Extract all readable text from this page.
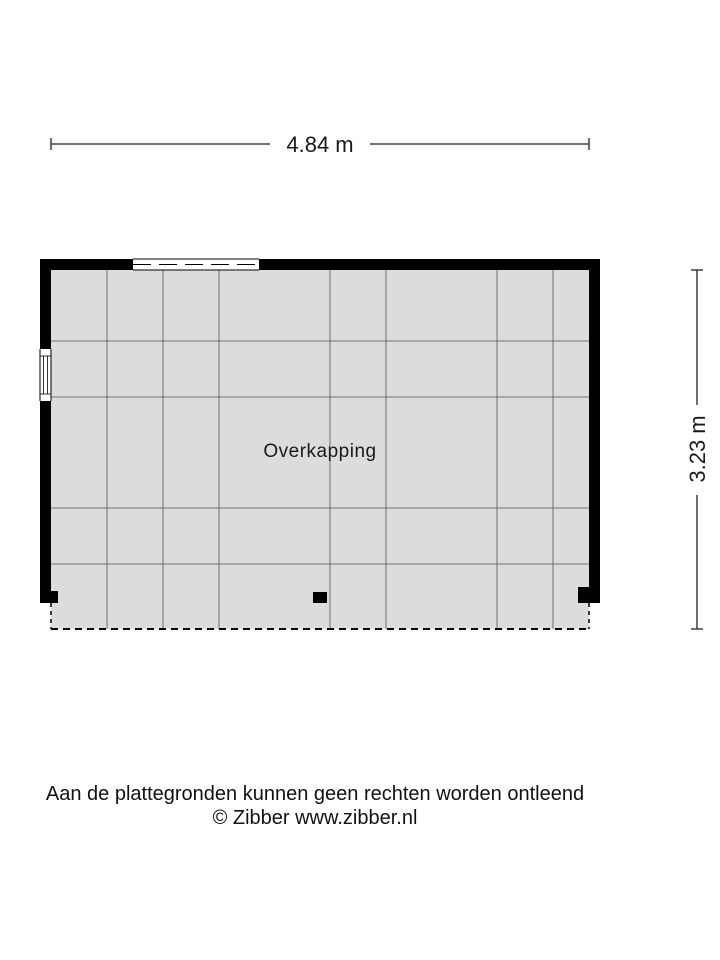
4.84 m
3.23 m
Overkapping
Aan de plattegronden kunnen geen rechten worden ontleend
© Zibber www.zibber.nl
